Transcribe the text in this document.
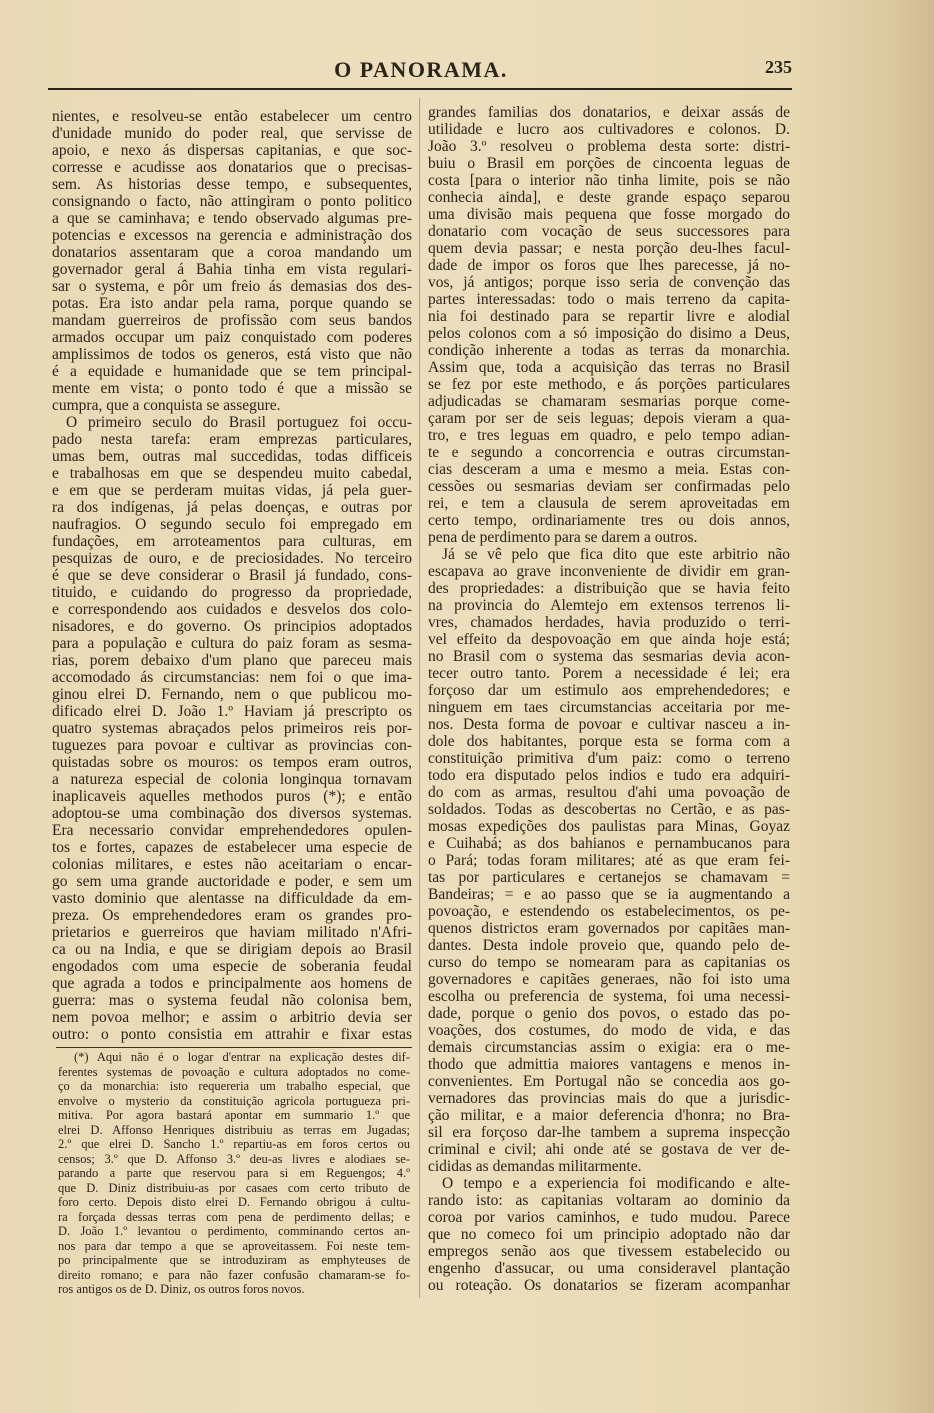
O PANORAMA.	235
nientes, e resolveu-se então estabelecer um centro
d'unidade munido do poder real, que servisse de
apoio, e nexo ás dispersas capitanias, e que soc-
corresse e acudisse aos donatarios que o precisas-
sem. As historias desse tempo, e subsequentes,
consignando o facto, não attingiram o ponto politico
a que se caminhava; e tendo observado algumas pre-
potencias e excessos na gerencia e administração dos
donatarios assentaram que a coroa mandando um
governador geral á Bahia tinha em vista regulari-
sar o systema, e pôr um freio ás demasias dos des-
potas. Era isto andar pela rama, porque quando se
mandam guerreiros de profissão com seus bandos
armados occupar um paiz conquistado com poderes
amplissimos de todos os generos, está visto que não
é a equidade e humanidade que se tem principal-
mente em vista; o ponto todo é que a missão se
cumpra, que a conquista se assegure.
O primeiro seculo do Brasil portuguez foi occu-
pado nesta tarefa: eram emprezas particulares,
umas bem, outras mal succedidas, todas difficeis
e trabalhosas em que se despendeu muito cabedal,
e em que se perderam muitas vidas, já pela guer-
ra dos indígenas, já pelas doenças, e outras por
naufragios. O segundo seculo foi empregado em
fundações, em arroteamentos para culturas, em
pesquizas de ouro, e de preciosidades. No terceiro
é que se deve considerar o Brasil já fundado, cons-
tituido, e cuidando do progresso da propriedade,
e correspondendo aos cuidados e desvelos dos colo-
nisadores, e do governo. Os principios adoptados
para a população e cultura do paiz foram as sesma-
rias, porem debaixo d'um plano que pareceu mais
accomodado ás circumstancias: nem foi o que ima-
ginou elrei D. Fernando, nem o que publicou mo-
dificado elrei D. João 1.º Haviam já prescripto os
quatro systemas abraçados pelos primeiros reis por-
tuguezes para povoar e cultivar as provincias con-
quistadas sobre os mouros: os tempos eram outros,
a natureza especial de colonia longinqua tornavam
inaplicaveis aquelles methodos puros (*); e então
adoptou-se uma combinação dos diversos systemas.
Era necessario convidar emprehendedores opulen-
tos e fortes, capazes de estabelecer uma especie de
colonias militares, e estes não aceitariam o encar-
go sem uma grande auctoridade e poder, e sem um
vasto dominio que alentasse na difficuldade da em-
preza. Os emprehendedores eram os grandes pro-
prietarios e guerreiros que haviam militado n'Afri-
ca ou na India, e que se dirigiam depois ao Brasil
engodados com uma especie de soberania feudal
que agrada a todos e principalmente aos homens de
guerra: mas o systema feudal não colonisa bem,
nem povoa melhor; e assim o arbitrio devia ser
outro: o ponto consistia em attrahir e fixar estas
(*) Aqui não é o logar d'entrar na explicação destes dif-
ferentes systemas de povoação e cultura adoptados no come-
ço da monarchia: isto requereria um trabalho especial, que
envolve o mysterio da constituição agricola portugueza pri-
mitiva. Por agora bastará apontar em summario 1.º que
elrei D. Affonso Henriques distribuiu as terras em Jugadas;
2.º que elrei D. Sancho 1.º repartiu-as em foros certos ou
censos; 3.º que D. Affonso 3.º deu-as livres e alodiaes se-
parando a parte que reservou para si em Reguengos; 4.º
que D. Diniz distribuiu-as por casaes com certo tributo de
foro certo. Depois disto elrei D. Fernando obrigou á cultu-
ra forçada dessas terras com pena de perdimento dellas; e
D. João 1.º levantou o perdimento, comminando certos an-
nos para dar tempo a que se aproveitassem. Foi neste tem-
po principalmente que se introduziram as emphyteuses de
direito romano; e para não fazer confusão chamaram-se fo-
ros antigos os de D. Diniz, os outros foros novos.
grandes familias dos donatarios, e deixar assás de
utilidade e lucro aos cultivadores e colonos. D.
João 3.º resolveu o problema desta sorte: distri-
buiu o Brasil em porções de cincoenta leguas de
costa [para o interior não tinha limite, pois se não
conhecia ainda], e deste grande espaço separou
uma divisão mais pequena que fosse morgado do
donatario com vocação de seus successores para
quem devia passar; e nesta porção deu-lhes facul-
dade de impor os foros que lhes parecesse, já no-
vos, já antigos; porque isso seria de convenção das
partes interessadas: todo o mais terreno da capita-
nia foi destinado para se repartir livre e alodial
pelos colonos com a só imposição do disimo a Deus,
condição inherente a todas as terras da monarchia.
Assim que, toda a acquisição das terras no Brasil
se fez por este methodo, e ás porções particulares
adjudicadas se chamaram sesmarias porque come-
çaram por ser de seis leguas; depois vieram a qua-
tro, e tres leguas em quadro, e pelo tempo adian-
te e segundo a concorrencia e outras circumstan-
cias desceram a uma e mesmo a meia. Estas con-
cessões ou sesmarias deviam ser confirmadas pelo
rei, e tem a clausula de serem aproveitadas em
certo tempo, ordinariamente tres ou dois annos,
pena de perdimento para se darem a outros.
Já se vê pelo que fica dito que este arbitrio não
escapava ao grave inconveniente de dividir em gran-
des propriedades: a distribuição que se havia feito
na provincia do Alemtejo em extensos terrenos li-
vres, chamados herdades, havia produzido o terri-
vel effeito da despovoação em que ainda hoje está;
no Brasil com o systema das sesmarias devia acon-
tecer outro tanto. Porem a necessidade é lei; era
forçoso dar um estimulo aos emprehendedores; e
ninguem em taes circumstancias acceitaria por me-
nos. Desta forma de povoar e cultivar nasceu a in-
dole dos habitantes, porque esta se forma com a
constituição primitiva d'um paiz: como o terreno
todo era disputado pelos indios e tudo era adquiri-
do com as armas, resultou d'ahi uma povoação de
soldados. Todas as descobertas no Certão, e as pas-
mosas expedições dos paulistas para Minas, Goyaz
e Cuihabá; as dos bahianos e pernambucanos para
o Pará; todas foram militares; até as que eram fei-
tas por particulares e certanejos se chamavam =
Bandeiras; = e ao passo que se ia augmentando a
povoação, e estendendo os estabelecimentos, os pe-
quenos districtos eram governados por capitães man-
dantes. Desta indole proveio que, quando pelo de-
curso do tempo se nomearam para as capitanias os
governadores e capitães generaes, não foi isto uma
escolha ou preferencia de systema, foi uma necessi-
dade, porque o genio dos povos, o estado das po-
voações, dos costumes, do modo de vida, e das
demais circumstancias assim o exigia: era o me-
thodo que admittia maiores vantagens e menos in-
convenientes. Em Portugal não se concedia aos go-
vernadores das provincias mais do que a jurisdic-
ção militar, e a maior deferencia d'honra; no Bra-
sil era forçoso dar-lhe tambem a suprema inspecção
criminal e civil; ahi onde até se gostava de ver de-
cididas as demandas militarmente.
O tempo e a experiencia foi modificando e alte-
rando isto: as capitanias voltaram ao dominio da
coroa por varios caminhos, e tudo mudou. Parece
que no comeco foi um principio adoptado não dar
empregos senão aos que tivessem estabelecido ou
engenho d'assucar, ou uma consideravel plantação
ou roteação. Os donatarios se fizeram acompanhar
